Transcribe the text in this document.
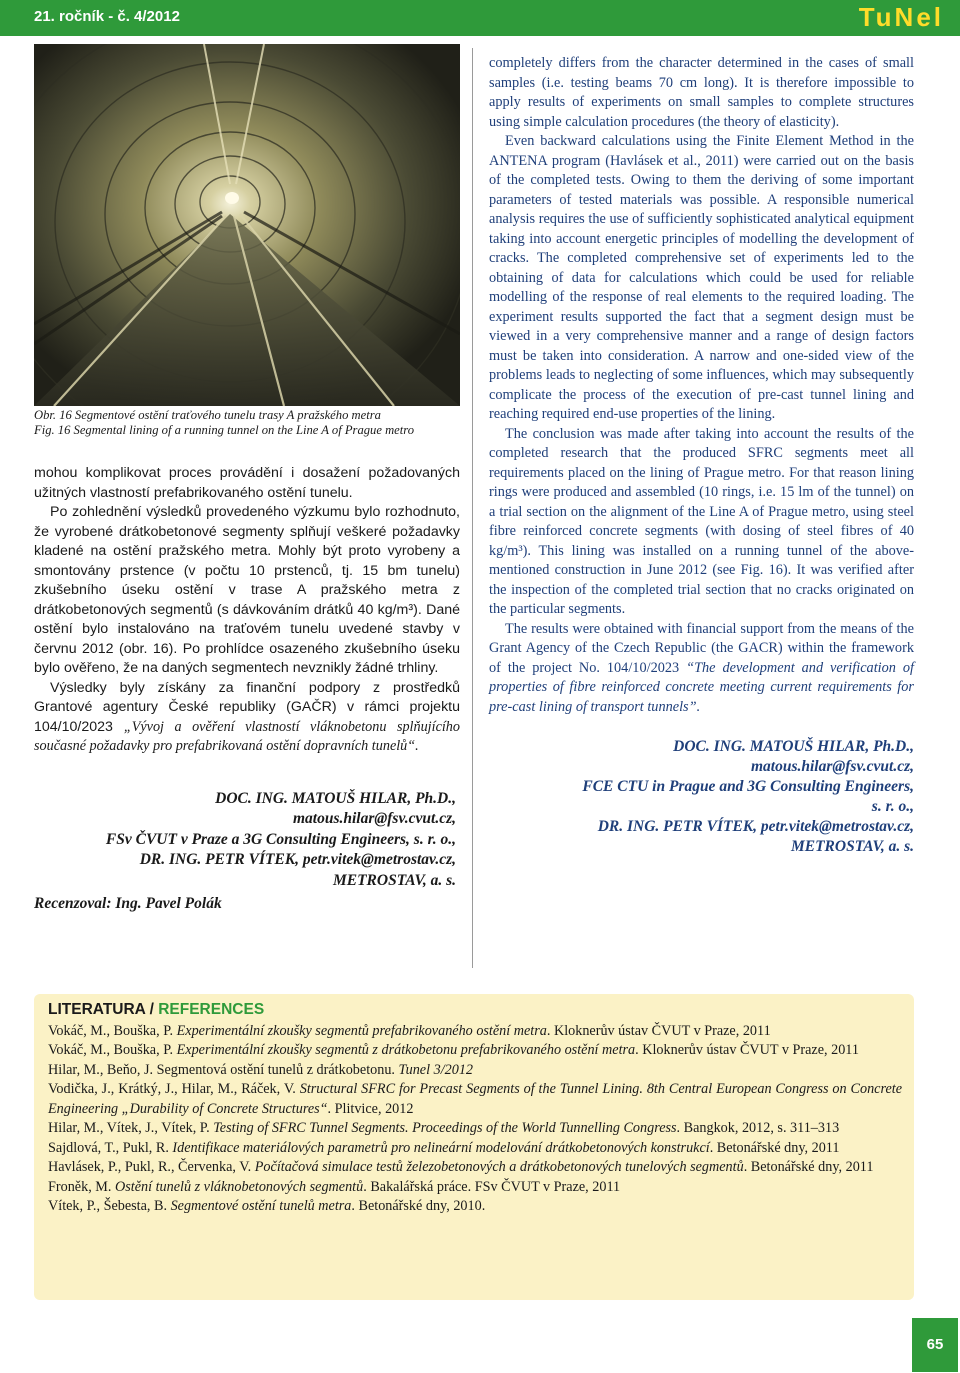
21. ročník - č. 4/2012	TuNel

Obr. 16 Segmentové ostění traťového tunelu trasy A pražského metra

Fig. 16 Segmental lining of a running tunnel on the Line A of Prague metro

mohou komplikovat proces provádění i dosažení požadovaných užitných vlastností prefabrikovaného ostění tunelu.

Po zohlednění výsledků provedeného výzkumu bylo rozhodnuto, že vyrobené drátkobetonové segmenty splňují veškeré požadavky kladené na ostění pražského metra. Mohly být proto vyrobeny a smontovány prstence (v počtu 10 prstenců, tj. 15 bm tunelu) zkušebního úseku ostění v trase A pražského metra z drátkobetonových segmentů (s dávkováním drátků 40 kg/m³). Dané ostění bylo instalováno na traťovém tunelu uvedené stavby v červnu 2012 (obr. 16). Po prohlídce osazeného zkušebního úseku bylo ověřeno, že na daných segmentech nevznikly žádné trhliny.

Výsledky byly získány za finanční podpory z prostředků Grantové agentury České republiky (GAČR) v rámci projektu 104/10/2023 „Vývoj a ověření vlastností vláknobetonu splňujícího současné požadavky pro prefabrikovaná ostění dopravních tunelů“.

DOC. ING. MATOUŠ HILAR, Ph.D.,
matous.hilar@fsv.cvut.cz,
FSv ČVUT v Praze a 3G Consulting Engineers, s. r. o.,
DR. ING. PETR VÍTEK, petr.vitek@metrostav.cz,
METROSTAV, a. s.
Recenzoval: Ing. Pavel Polák

completely differs from the character determined in the cases of small samples (i.e. testing beams 70 cm long). It is therefore impossible to apply results of experiments on small samples to complete structures using simple calculation procedures (the theory of elasticity).

Even backward calculations using the Finite Element Method in the ANTENA program (Havlásek et al., 2011) were carried out on the basis of the completed tests. Owing to them the deriving of some important parameters of tested materials was possible. A responsible numerical analysis requires the use of sufficiently sophisticated analytical equipment taking into account energetic principles of modelling the development of cracks. The completed comprehensive set of experiments led to the obtaining of data for calculations which could be used for reliable modelling of the response of real elements to the required loading. The experiment results supported the fact that a segment design must be viewed in a very comprehensive manner and a range of design factors must be taken into consideration. A narrow and one-sided view of the problems leads to neglecting of some influences, which may subsequently complicate the process of the execution of pre-cast tunnel lining and reaching required end-use properties of the lining.

The conclusion was made after taking into account the results of the completed research that the produced SFRC segments meet all requirements placed on the lining of Prague metro. For that reason lining rings were produced and assembled (10 rings, i.e. 15 lm of the tunnel) on a trial section on the alignment of the Line A of Prague metro, using steel fibre reinforced concrete segments (with dosing of steel fibres of 40 kg/m³). This lining was installed on a running tunnel of the above-mentioned construction in June 2012 (see Fig. 16). It was verified after the inspection of the completed trial section that no cracks originated on the particular segments.

The results were obtained with financial support from the means of the Grant Agency of the Czech Republic (the GACR) within the framework of the project No. 104/10/2023 “The development and verification of properties of fibre reinforced concrete meeting current requirements for pre-cast lining of transport tunnels”.

DOC. ING. MATOUŠ HILAR, Ph.D.,
matous.hilar@fsv.cvut.cz,
FCE CTU in Prague and 3G Consulting Engineers,
s. r. o.,
DR. ING. PETR VÍTEK, petr.vitek@metrostav.cz,
METROSTAV, a. s.
LITERATURA / REFERENCES

Vokáč, M., Bouška, P. Experimentální zkoušky segmentů prefabrikovaného ostění metra. Kloknerův ústav ČVUT v Praze, 2011

Vokáč, M., Bouška, P. Experimentální zkoušky segmentů z drátkobetonu prefabrikovaného ostění metra. Kloknerův ústav ČVUT v Praze, 2011

Hilar, M., Beňo, J. Segmentová ostění tunelů z drátkobetonu. Tunel 3/2012

Vodička, J., Krátký, J., Hilar, M., Ráček, V. Structural SFRC for Precast Segments of the Tunnel Lining. 8th Central European Congress on Concrete Engineering „Durability of Concrete Structures“. Plitvice, 2012

Hilar, M., Vítek, J., Vítek, P. Testing of SFRC Tunnel Segments. Proceedings of the World Tunnelling Congress. Bangkok, 2012, s. 311–313

Sajdlová, T., Pukl, R. Identifikace materiálových parametrů pro nelineární modelování drátkobetonových konstrukcí. Betonářské dny, 2011

Havlásek, P., Pukl, R., Červenka, V. Počítačová simulace testů železobetonových a drátkobetonových tunelových segmentů. Betonářské dny, 2011

Froněk, M. Ostění tunelů z vláknobetonových segmentů. Bakalářská práce. FSv ČVUT v Praze, 2011

Vítek, P., Šebesta, B. Segmentové ostění tunelů metra. Betonářské dny, 2010.

65
